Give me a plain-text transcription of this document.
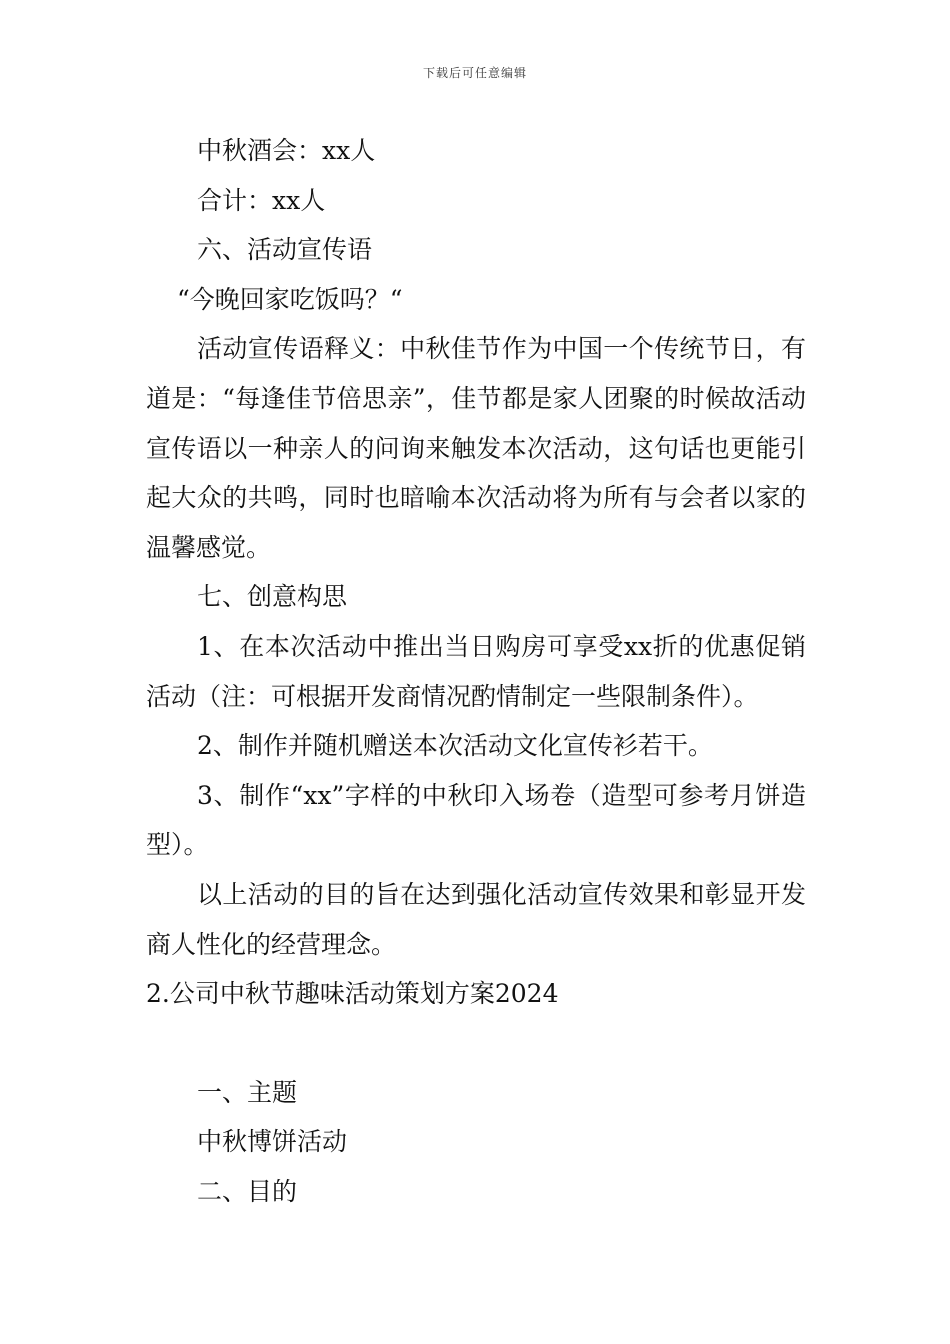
下载后可任意编辑

中秋酒会：xx人

合计：xx人

六、活动宣传语

“今晚回家吃饭吗？“

活动宣传语释义：中秋佳节作为中国一个传统节日，有道是：“每逢佳节倍思亲”，佳节都是家人团聚的时候故活动宣传语以一种亲人的问询来触发本次活动，这句话也更能引起大众的共鸣，同时也暗喻本次活动将为所有与会者以家的温馨感觉。

七、创意构思

1、在本次活动中推出当日购房可享受xx折的优惠促销活动（注：可根据开发商情况酌情制定一些限制条件）。

2、制作并随机赠送本次活动文化宣传衫若干。

3、制作“xx”字样的中秋印入场卷（造型可参考月饼造型）。

以上活动的目的旨在达到强化活动宣传效果和彰显开发商人性化的经营理念。

2.公司中秋节趣味活动策划方案2024

一、主题

中秋博饼活动

二、目的
